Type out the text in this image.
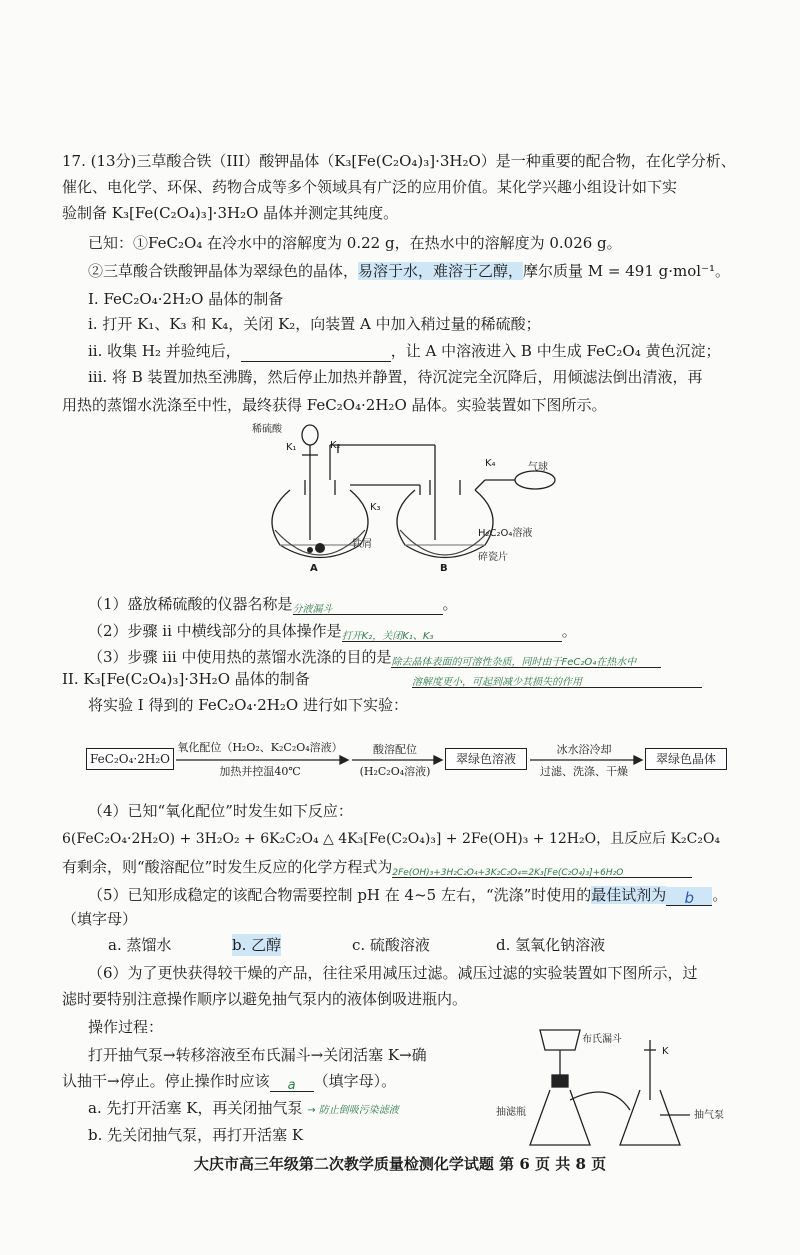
17. (13分)三草酸合铁（III）酸钾晶体（K₃[Fe(C₂O₄)₃]·3H₂O）是一种重要的配合物，在化学分析、
催化、电化学、环保、药物合成等多个领域具有广泛的应用价值。某化学兴趣小组设计如下实
验制备 K₃[Fe(C₂O₄)₃]·3H₂O 晶体并测定其纯度。
已知：①FeC₂O₄ 在冷水中的溶解度为 0.22 g，在热水中的溶解度为 0.026 g。
②三草酸合铁酸钾晶体为翠绿色的晶体，易溶于水，难溶于乙醇，摩尔质量 M = 491 g·mol⁻¹。
I. FeC₂O₄·2H₂O 晶体的制备
i. 打开 K₁、K₃ 和 K₄，关闭 K₂，向装置 A 中加入稍过量的稀硫酸；
ii. 收集 H₂ 并验纯后，	，让 A 中溶液进入 B 中生成 FeC₂O₄ 黄色沉淀；
iii. 将 B 装置加热至沸腾，然后停止加热并静置，待沉淀完全沉降后，用倾滤法倒出清液，再
用热的蒸馏水洗涤至中性，最终获得 FeC₂O₄·2H₂O 晶体。实验装置如下图所示。
稀硫酸
K₁	K₂
K₃
K₄	气球
铁屑
H₂C₂O₄溶液
碎瓷片
A	B
（1）盛放稀硫酸的仪器名称是分液漏斗	。
（2）步骤 ii 中横线部分的具体操作是打开K₂，关闭K₁、K₃	。
（3）步骤 iii 中使用热的蒸馏水洗涤的目的是除去晶体表面的可溶性杂质，同时由于FeC₂O₄在热水中
II. K₃[Fe(C₂O₄)₃]·3H₂O 晶体的制备	溶解度更小，可起到减少其损失的作用
将实验 I 得到的 FeC₂O₄·2H₂O 进行如下实验：
FeC₂O₄·2H₂O	翠绿色溶液	翠绿色晶体
氧化配位（H₂O₂、K₂C₂O₄溶液）
加热并控温40℃
酸溶配位
(H₂C₂O₄溶液)
冰水浴冷却
过滤、洗涤、干燥
（4）已知“氧化配位”时发生如下反应：
6(FeC₂O₄·2H₂O) + 3H₂O₂ + 6K₂C₂O₄ △ 4K₃[Fe(C₂O₄)₃] + 2Fe(OH)₃ + 12H₂O，且反应后 K₂C₂O₄
有剩余，则“酸溶配位”时发生反应的化学方程式为2Fe(OH)₃+3H₂C₂O₄+3K₂C₂O₄=2K₃[Fe(C₂O₄)₃]+6H₂O
（5）已知形成稳定的该配合物需要控制 pH 在 4~5 左右，“洗涤”时使用的最佳试剂为 b 。
（填字母）
a. 蒸馏水	b. 乙醇	c. 硫酸溶液	d. 氢氧化钠溶液
（6）为了更快获得较干燥的产品，往往采用减压过滤。减压过滤的实验装置如下图所示，过
滤时要特别注意操作顺序以避免抽气泵内的液体倒吸进瓶内。
操作过程：
打开抽气泵→转移溶液至布氏漏斗→关闭活塞 K→确
认抽干→停止。停止操作时应该 a （填字母）。
a. 先打开活塞 K，再关闭抽气泵 → 防止倒吸污染滤液
b. 先关闭抽气泵，再打开活塞 K
布氏漏斗
K
抽滤瓶	抽气泵
大庆市高三年级第二次教学质量检测化学试题 第 6 页 共 8 页
